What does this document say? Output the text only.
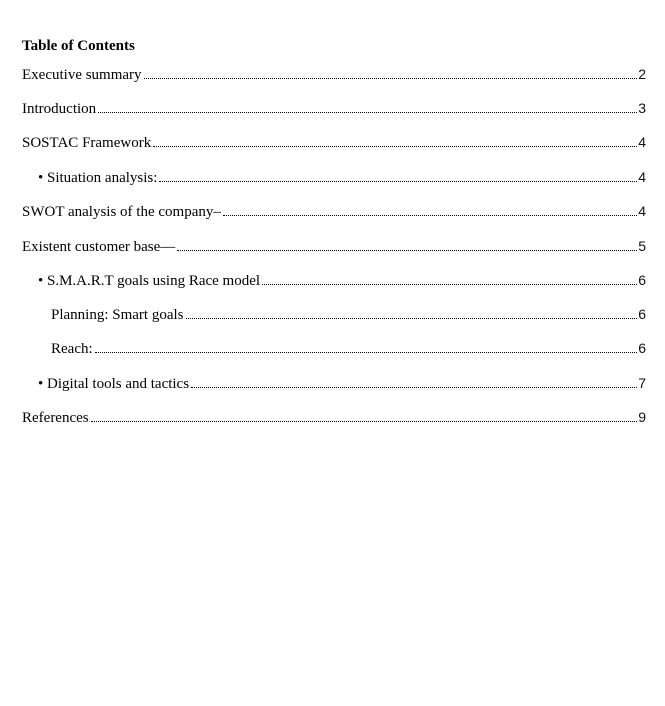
Table of Contents
Executive summary	2
Introduction	3
SOSTAC Framework	4
• Situation analysis:	4
SWOT analysis of the company–	4
Existent customer base—	5
• S.M.A.R.T goals using Race model	6
Planning: Smart goals	6
Reach:	6
• Digital tools and tactics	7
References	9
